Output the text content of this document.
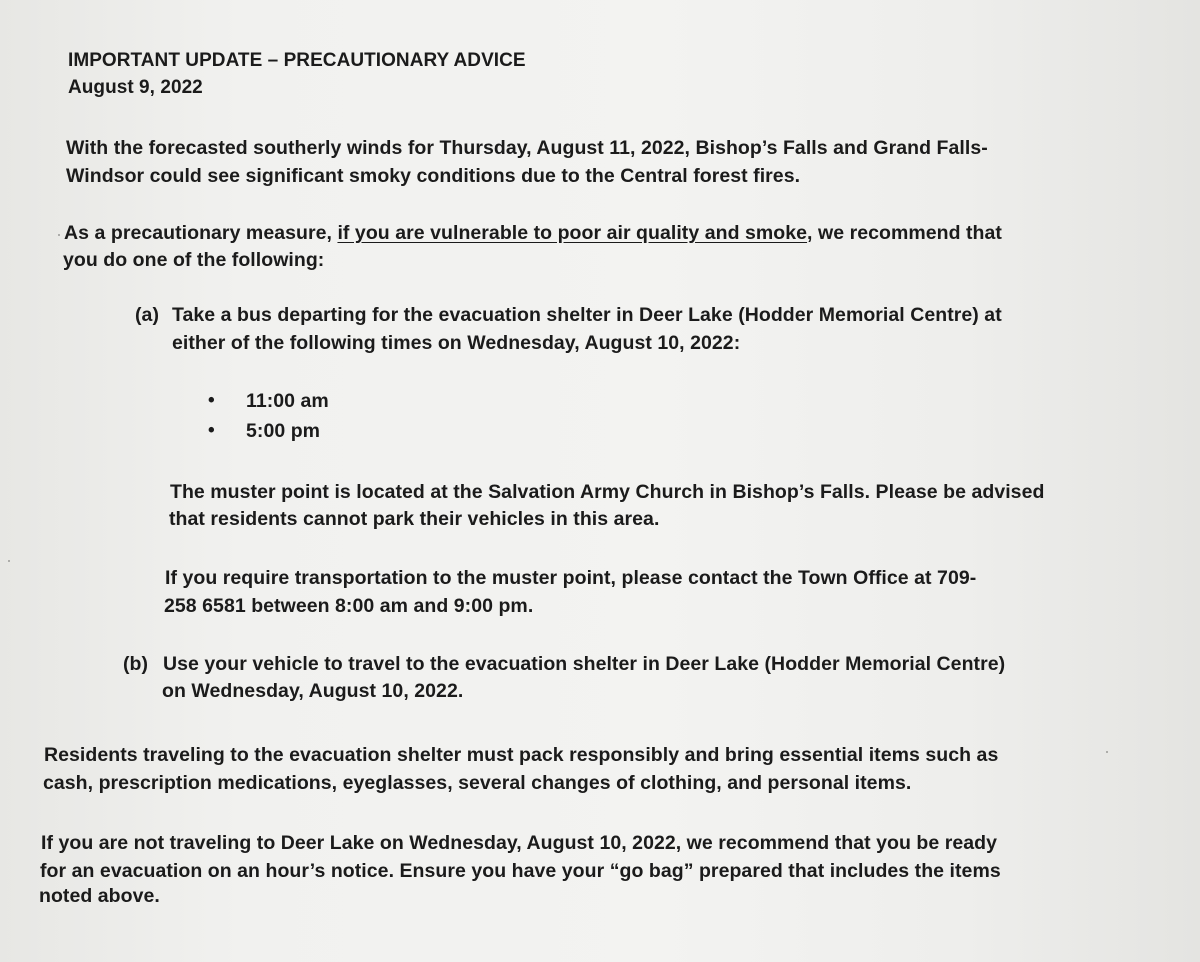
IMPORTANT UPDATE – PRECAUTIONARY ADVICE
August 9, 2022
With the forecasted southerly winds for Thursday, August 11, 2022, Bishop’s Falls and Grand Falls-
Windsor could see significant smoky conditions due to the Central forest fires.
As a precautionary measure, if you are vulnerable to poor air quality and smoke, we recommend that
you do one of the following:
(a) Take a bus departing for the evacuation shelter in Deer Lake (Hodder Memorial Centre) at
either of the following times on Wednesday, August 10, 2022:
• 11:00 am
• 5:00 pm
The muster point is located at the Salvation Army Church in Bishop’s Falls. Please be advised
that residents cannot park their vehicles in this area.
If you require transportation to the muster point, please contact the Town Office at 709-
258 6581 between 8:00 am and 9:00 pm.
(b) Use your vehicle to travel to the evacuation shelter in Deer Lake (Hodder Memorial Centre)
on Wednesday, August 10, 2022.
Residents traveling to the evacuation shelter must pack responsibly and bring essential items such as
cash, prescription medications, eyeglasses, several changes of clothing, and personal items.
If you are not traveling to Deer Lake on Wednesday, August 10, 2022, we recommend that you be ready
for an evacuation on an hour’s notice. Ensure you have your “go bag” prepared that includes the items
noted above.
